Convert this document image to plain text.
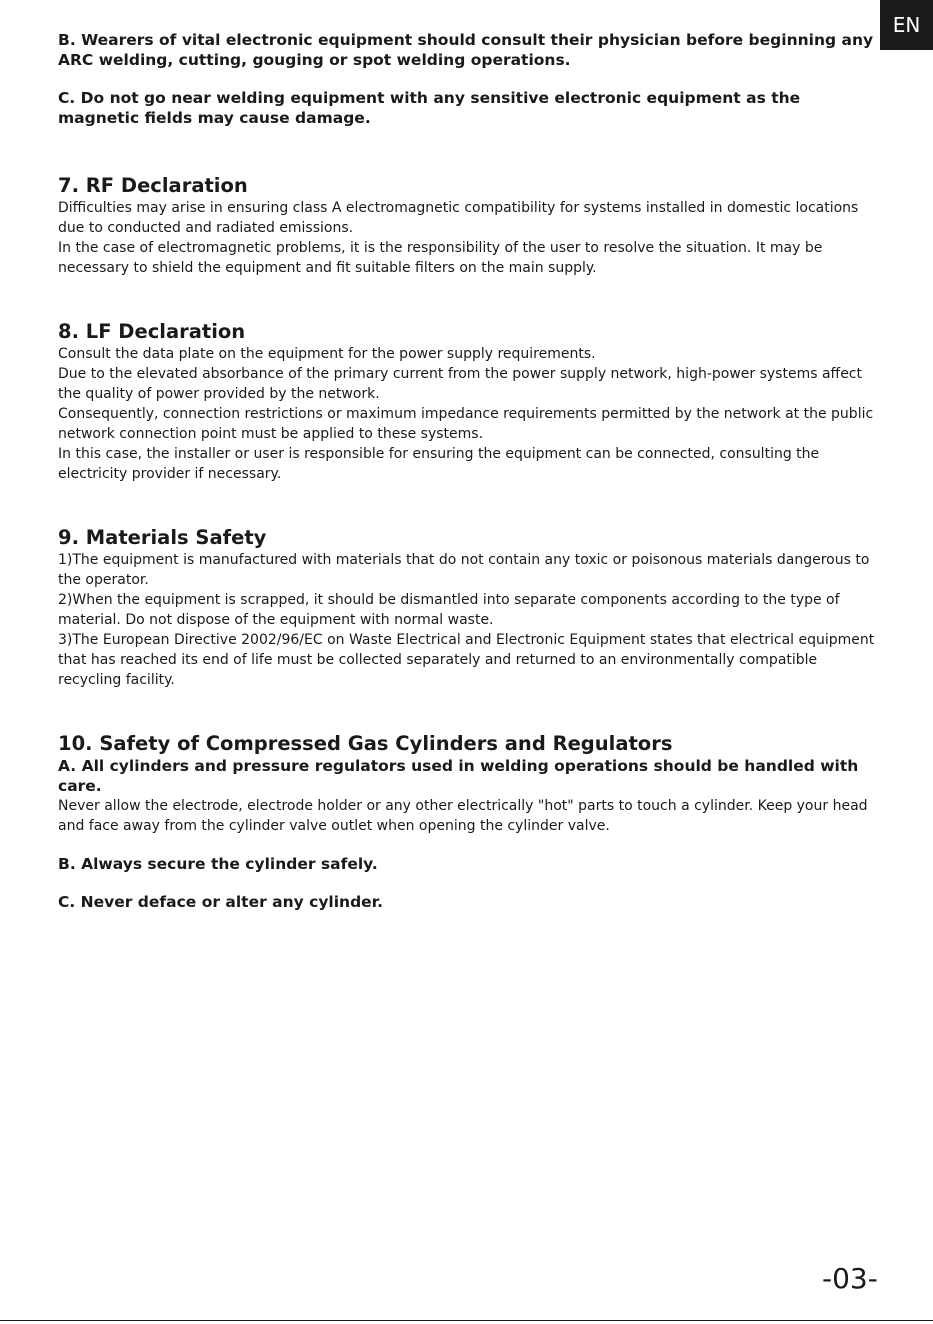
EN

B. Wearers of vital electronic equipment should consult their physician before beginning any ARC welding, cutting, gouging or spot welding operations.

C. Do not go near welding equipment with any sensitive electronic equipment as the magnetic fields may cause damage.

7. RF Declaration

Difficulties may arise in ensuring class A electromagnetic compatibility for systems installed in domestic locations due to conducted and radiated emissions.

In the case of electromagnetic problems, it is the responsibility of the user to resolve the situation. It may be necessary to shield the equipment and fit suitable filters on the main supply.

8. LF Declaration

Consult the data plate on the equipment for the power supply requirements.

Due to the elevated absorbance of the primary current from the power supply network, high-power systems affect the quality of power provided by the network.

Consequently, connection restrictions or maximum impedance requirements permitted by the network at the public network connection point must be applied to these systems.

In this case, the installer or user is responsible for ensuring the equipment can be connected, consulting the electricity provider if necessary.

9. Materials Safety

1)The equipment is manufactured with materials that do not contain any toxic or poisonous materials dangerous to the operator.

2)When the equipment is scrapped, it should be dismantled into separate components according to the type of material. Do not dispose of the equipment with normal waste.

3)The European Directive 2002/96/EC on Waste Electrical and Electronic Equipment states that electrical equipment that has reached its end of life must be collected separately and returned to an environmentally compatible recycling facility.

10. Safety of Compressed Gas Cylinders and Regulators

A. All cylinders and pressure regulators used in welding operations should be handled with care.

Never allow the electrode, electrode holder or any other electrically "hot" parts to touch a cylinder. Keep your head and face away from the cylinder valve outlet when opening the cylinder valve.

B. Always secure the cylinder safely.

C. Never deface or alter any cylinder.

-03-
